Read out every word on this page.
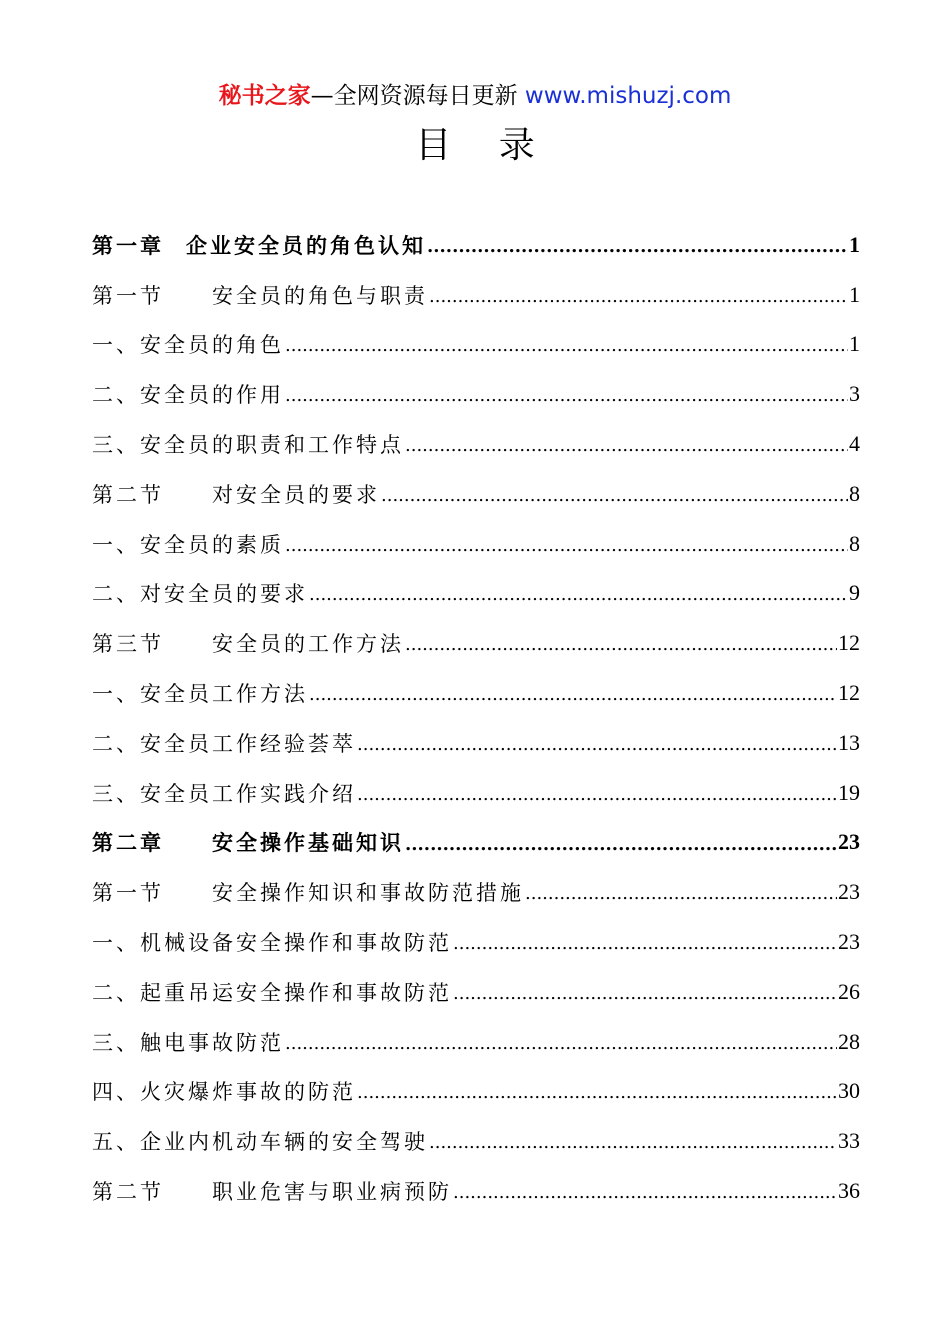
秘书之家—全网资源每日更新 www.mishuzj.com
目 录
第一章 企业安全员的角色认知 .....	1
第一节 安全员的角色与职责 .....	1
一、安全员的角色 .....	1
二、安全员的作用 .....	3
三、安全员的职责和工作特点 .....	4
第二节 对安全员的要求 .....	8
一、安全员的素质 .....	8
二、对安全员的要求 .....	9
第三节 安全员的工作方法 .....	12
一、安全员工作方法 .....	12
二、安全员工作经验荟萃 .....	13
三、安全员工作实践介绍 .....	19
第二章 安全操作基础知识 .....	23
第一节 安全操作知识和事故防范措施 .....	23
一、机械设备安全操作和事故防范 .....	23
二、起重吊运安全操作和事故防范 .....	26
三、触电事故防范 .....	28
四、火灾爆炸事故的防范 .....	30
五、企业内机动车辆的安全驾驶 .....	33
第二节 职业危害与职业病预防 .....	36
